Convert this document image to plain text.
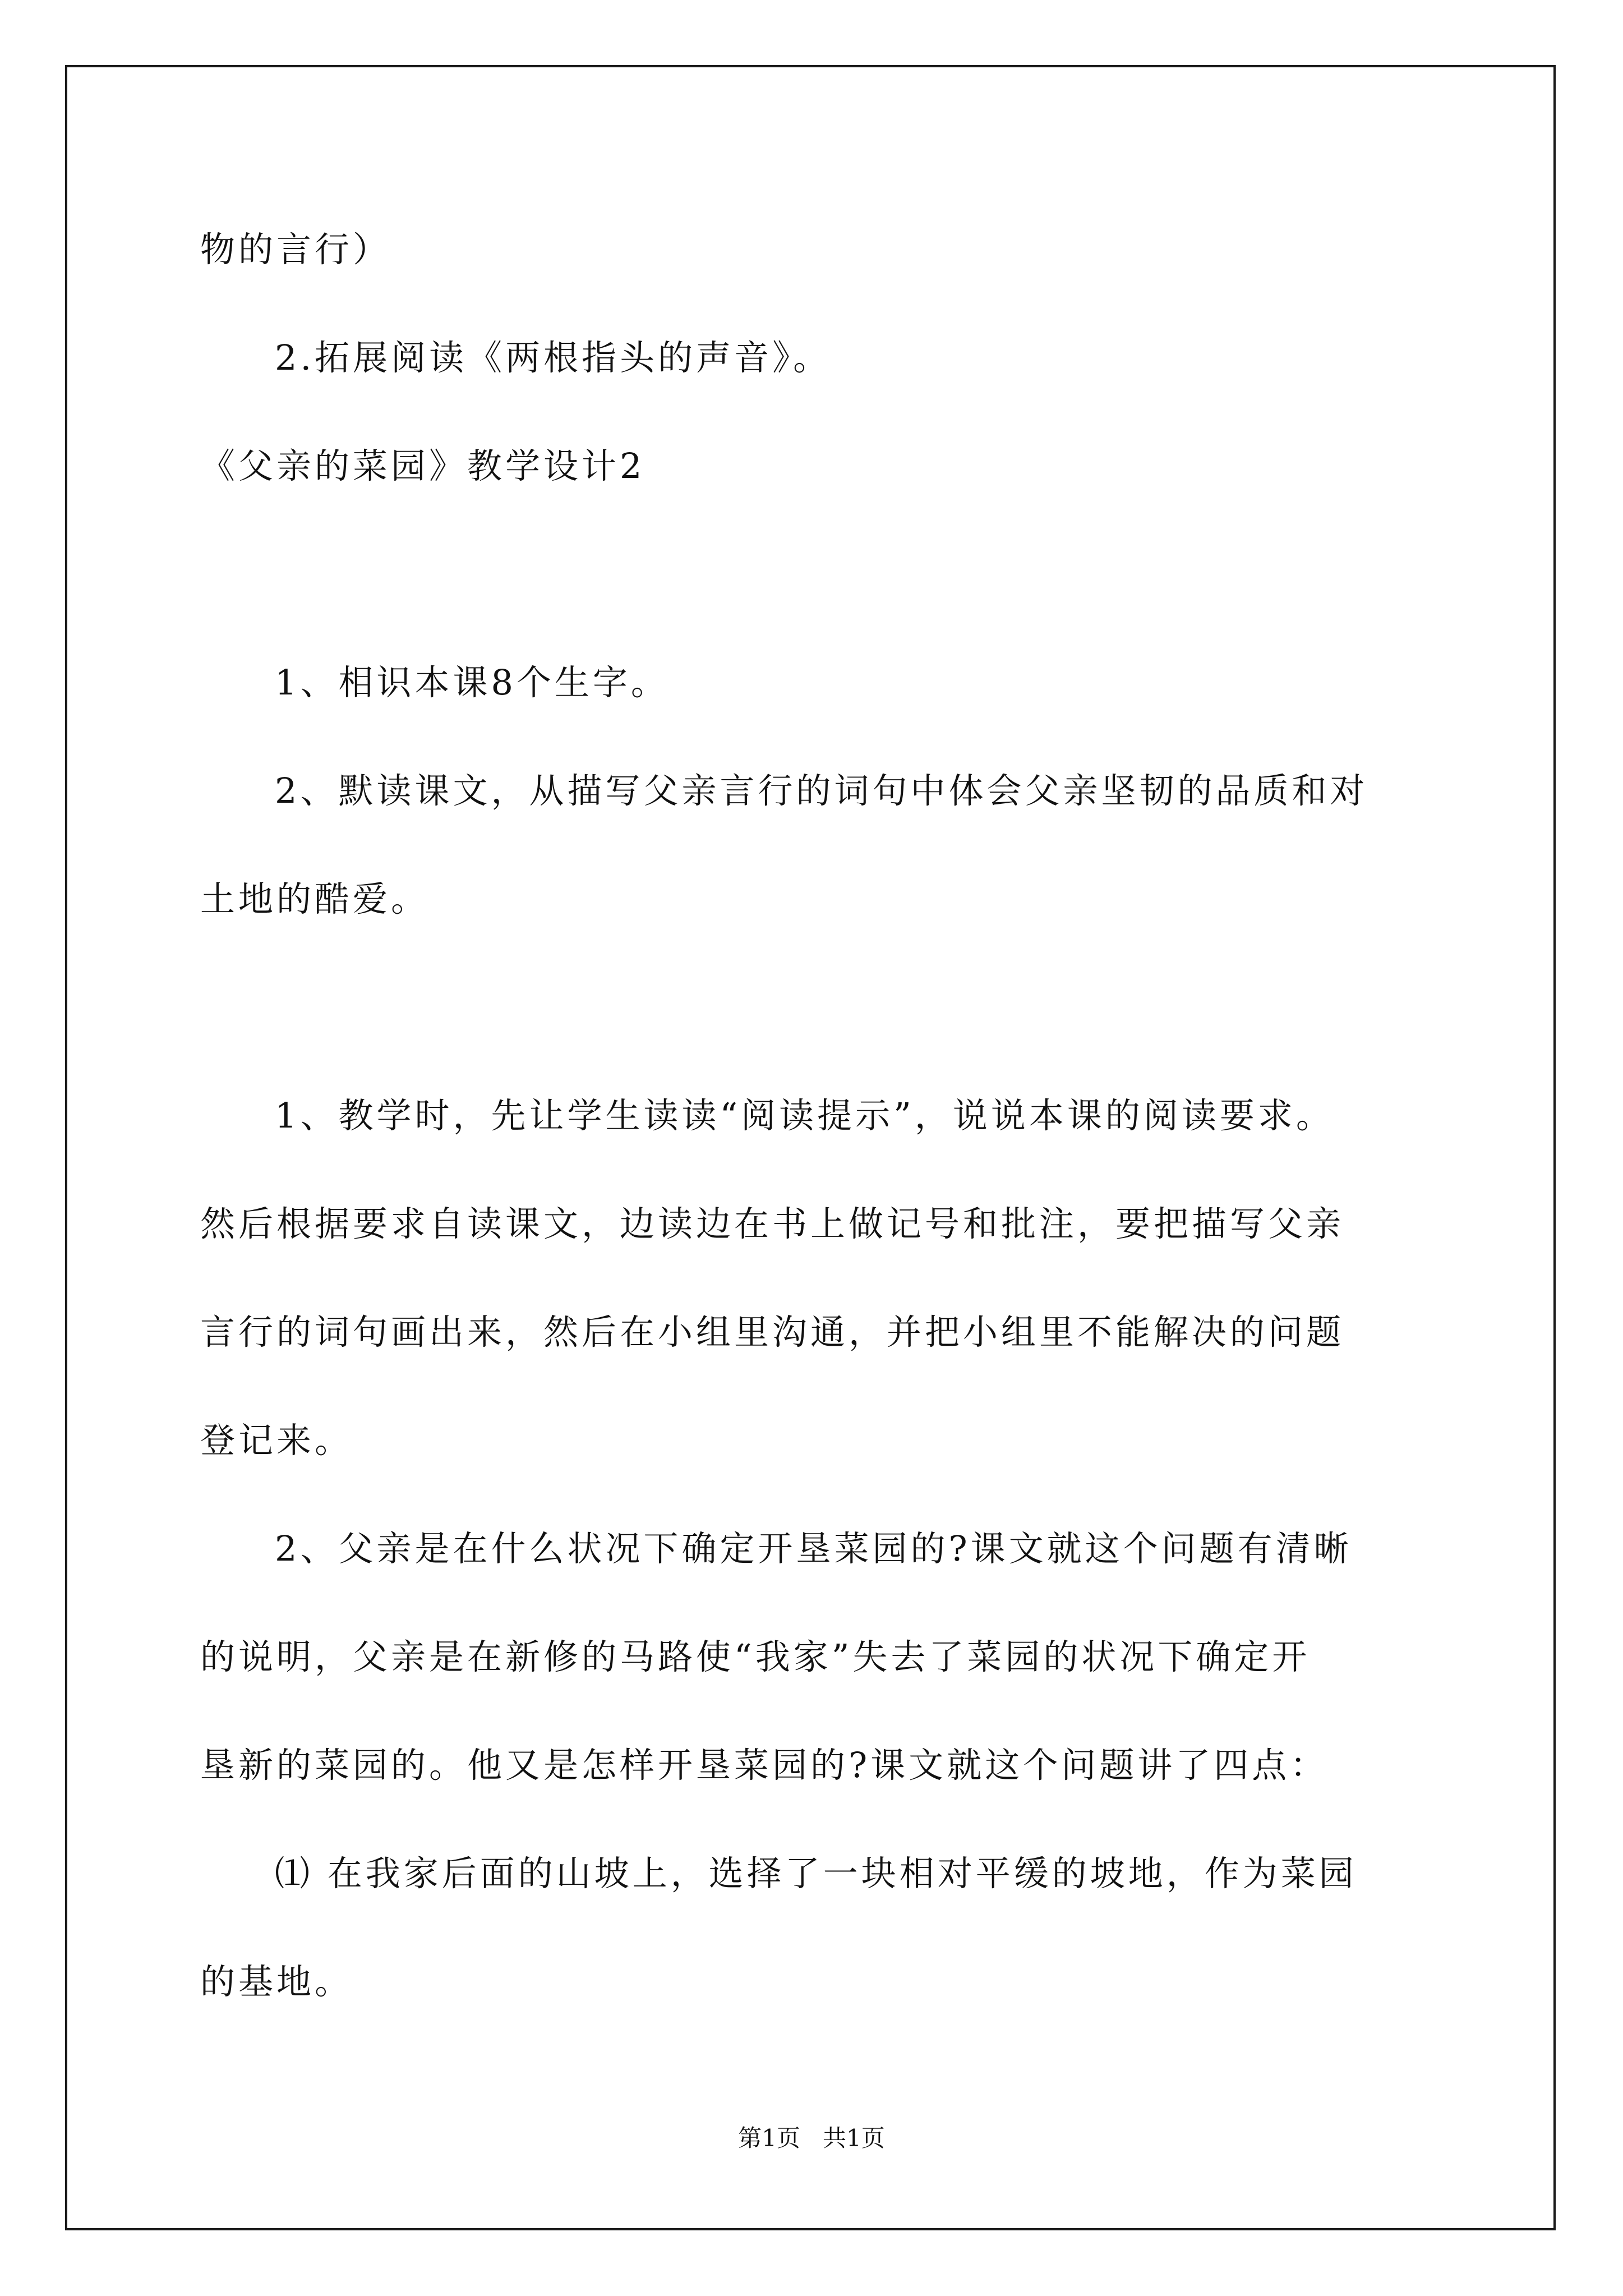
物的言行）
2.拓展阅读《两根指头的声音》。
《父亲的菜园》教学设计2
1、相识本课8个生字。
2、默读课文，从描写父亲言行的词句中体会父亲坚韧的品质和对
土地的酷爱。
1、教学时，先让学生读读“阅读提示”，说说本课的阅读要求。
然后根据要求自读课文，边读边在书上做记号和批注，要把描写父亲
言行的词句画出来，然后在小组里沟通，并把小组里不能解决的问题
登记来。
2、父亲是在什么状况下确定开垦菜园的?课文就这个问题有清晰
的说明，父亲是在新修的马路使“我家”失去了菜园的状况下确定开
垦新的菜园的。他又是怎样开垦菜园的?课文就这个问题讲了四点：
⑴ 在我家后面的山坡上，选择了一块相对平缓的坡地，作为菜园
的基地。
第1页   共1页
